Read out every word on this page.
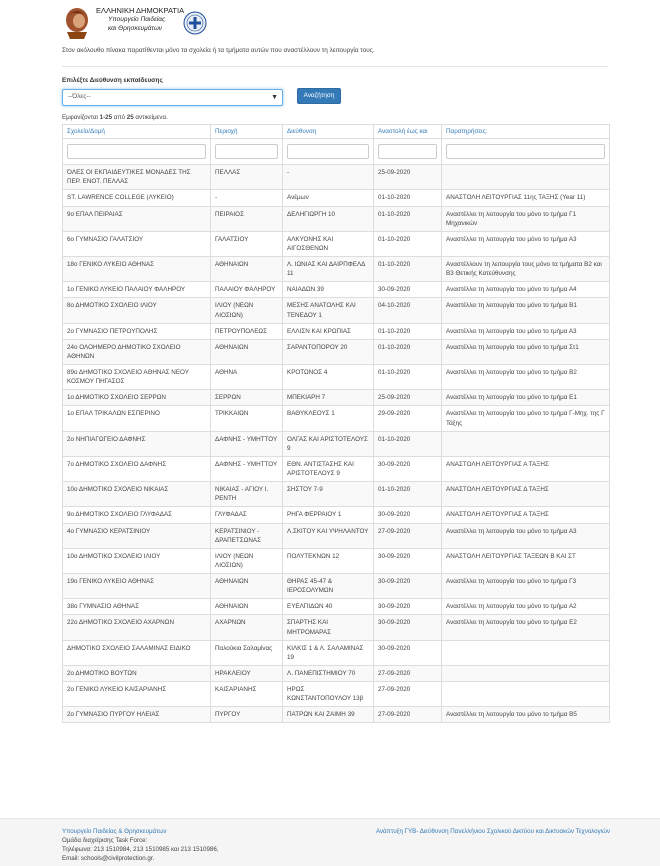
ΕΛΛΗΝΙΚΗ ΔΗΜΟΚΡΑΤΙΑ
Υπουργείο Παιδείας
και Θρησκευμάτων
Στον ακόλουθο πίνακα παρατίθενται μόνο τα σχολεία ή τα τμήματα αυτών που αναστέλλουν τη λειτουργία τους.
Επιλέξτε Διεύθυνση εκπαίδευσης
--Όλες--	▼	Αναζήτηση
Εμφανίζονται 1-25 από 25 αντικείμενα.
Σχολείο/Δομή	Περιοχή	Διεύθυνση	Αναστολή έως και	Παρατηρήσεις:

ΌΛΕΣ ΟΙ ΕΚΠΑΙΔΕΥΤΙΚΕΣ ΜΟΝΑΔΕΣ ΤΗΣ ΠΕΡ. ΕΝΟΤ. ΠΕΛΛΑΣ	ΠΕΛΛΑΣ	-	25-09-2020	
ST. LAWRENCE COLLEGE (ΛΥΚΕΙΟ)	-	Ανέμων	01-10-2020	ΑΝΑΣΤΟΛΗ ΛΕΙΤΟΥΡΓΙΑΣ 11ης ΤΑΞΗΣ (Year 11)
9ο ΕΠΑΛ ΠΕΙΡΑΙΑΣ	ΠΕΙΡΑΙΟΣ	ΔΕΛΗΓΙΩΡΓΗ 10	01-10-2020	Αναστέλλει τη λειτουργία του μόνο το τμήμα Γ1 Μηχανικών
6ο ΓΥΜΝΑΣΙΟ ΓΑΛΑΤΣΙΟΥ	ΓΑΛΑΤΣΙΟΥ	ΑΛΚΥΟΝΗΣ ΚΑΙ ΑΙΓΟΣΘΕΝΩΝ	01-10-2020	Αναστέλλει τη λειτουργία του μόνο το τμήμα Α3
18ο ΓΕΝΙΚΟ ΛΥΚΕΙΟ ΑΘΗΝΑΣ	ΑΘΗΝΑΙΩΝ	Λ. ΙΩΝΙΑΣ ΚΑΙ ΔΑΙΡΠΦΕΛΔ 11	01-10-2020	Αναστέλλουν τη λειτουργία τους μόνο τα τμήματα Β2 και Β3 Θετικής Κατεύθυνσης
1ο ΓΕΝΙΚΟ ΛΥΚΕΙΟ ΠΑΛΑΙΟΥ ΦΑΛΗΡΟΥ	ΠΑΛΑΙΟΥ ΦΑΛΗΡΟΥ	ΝΑΙΑΔΩΝ 39	30-09-2020	Αναστέλλει τη λειτουργία του μόνο το τμήμα Α4
8ο ΔΗΜΟΤΙΚΟ ΣΧΟΛΕΙΟ ΙΛΙΟΥ	ΙΛΙΟΥ (ΝΕΩΝ ΛΙΟΣΙΩΝ)	ΜΕΣΗΣ ΑΝΑΤΟΛΗΣ ΚΑΙ ΤΕΝΕΔΟΥ 1	04-10-2020	Αναστέλλει τη λειτουργία του μόνο το τμήμα Β1
2ο ΓΥΜΝΑΣΙΟ ΠΕΤΡΟΥΠΟΛΗΣ	ΠΕΤΡΟΥΠΟΛΕΩΣ	ΕΛΛΙΣΝ ΚΑΙ ΚΡΩΠΙΑΣ	01-10-2020	Αναστέλλει τη λειτουργία του μόνο το τμήμα Α3
24ο ΟΛΟΗΜΕΡΟ ΔΗΜΟΤΙΚΟ ΣΧΟΛΕΙΟ ΑΘΗΝΩΝ	ΑΘΗΝΑΙΩΝ	ΣΑΡΑΝΤΟΠΟΡΟΥ 20	01-10-2020	Αναστέλλει τη λειτουργία του μόνο το τμήμα Στ1
89ο ΔΗΜΟΤΙΚΟ ΣΧΟΛΕΙΟ ΑΘΗΝΑΣ ΝΕΟΥ ΚΟΣΜΟΥ ΠΗΓΑΣΟΣ	ΑΘΗΝΑ	ΚΡΟΤΩΝΟΣ 4	01-10-2020	Αναστέλλει τη λειτουργία του μόνο το τμήμα Β2
1ο ΔΗΜΟΤΙΚΟ ΣΧΟΛΕΙΟ ΣΕΡΡΩΝ	ΣΕΡΡΩΝ	ΜΠΕΚΙΑΡΗ 7	25-09-2020	Αναστέλλει τη λειτουργία του μόνο το τμήμα Ε1
1ο ΕΠΑΛ ΤΡΙΚΑΛΩΝ ΕΣΠΕΡΙΝΟ	ΤΡΙΚΚΑΙΩΝ	ΒΑΘΥΚΛΕΟΥΣ 1	29-09-2020	Αναστέλλει τη λειτουργία του μόνο το τμήμα Γ-Μηχ. της Γ Τάξης
2ο ΝΗΠΙΑΓΩΓΕΙΟ ΔΑΦΝΗΣ	ΔΑΦΝΗΣ - ΥΜΗΤΤΟΥ	ΟΛΓΑΣ ΚΑΙ ΑΡΙΣΤΟΤΕΛΟΥΣ 9	01-10-2020	
7ο ΔΗΜΟΤΙΚΟ ΣΧΟΛΕΙΟ ΔΑΦΝΗΣ	ΔΑΦΝΗΣ - ΥΜΗΤΤΟΥ	ΕΘΝ. ΑΝΤΙΣΤΑΣΗΣ ΚΑΙ ΑΡΙΣΤΟΤΕΛΟΥΣ 9	30-09-2020	ΑΝΑΣΤΟΛΗ ΛΕΙΤΟΥΡΓΙΑΣ Α ΤΑΞΗΣ
10ο ΔΗΜΟΤΙΚΟ ΣΧΟΛΕΙΟ ΝΙΚΑΙΑΣ	ΝΙΚΑΙΑΣ - ΑΓΙΟΥ Ι. ΡΕΝΤΗ	ΣΗΣΤΟΥ 7-9	01-10-2020	ΑΝΑΣΤΟΛΗ ΛΕΙΤΟΥΡΓΙΑΣ Δ ΤΑΞΗΣ
9ο ΔΗΜΟΤΙΚΟ ΣΧΟΛΕΙΟ ΓΛΥΦΑΔΑΣ	ΓΛΥΦΑΔΑΣ	ΡΗΓΑ ΦΕΡΡΑΙΟΥ 1	30-09-2020	ΑΝΑΣΤΟΛΗ ΛΕΙΤΟΥΡΓΙΑΣ Α ΤΑΞΗΣ
4ο ΓΥΜΝΑΣΙΟ ΚΕΡΑΤΣΙΝΙΟΥ	ΚΕΡΑΤΣΙΝΙΟΥ - ΔΡΑΠΕΤΣΩΝΑΣ	Λ.ΣΚΙΤΟΥ ΚΑΙ ΥΨΗΛΑΝΤΟΥ	27-09-2020	Αναστέλλει τη λειτουργία του μόνο το τμήμα Α3
10ο ΔΗΜΟΤΙΚΟ ΣΧΟΛΕΙΟ ΙΛΙΟΥ	ΙΛΙΟΥ (ΝΕΩΝ ΛΙΟΣΙΩΝ)	ΠΟΛΥΤΕΚΝΩΝ 12	30-09-2020	ΑΝΑΣΤΟΛΗ ΛΕΙΤΟΥΡΓΙΑΣ ΤΑΞΕΩΝ Β ΚΑΙ ΣΤ
19ο ΓΕΝΙΚΟ ΛΥΚΕΙΟ ΑΘΗΝΑΣ	ΑΘΗΝΑΙΩΝ	ΘΗΡΑΣ 45-47 & ΙΕΡΟΣΟΛΥΜΩΝ	30-09-2020	Αναστέλλει τη λειτουργία του μόνο το τμήμα Γ3
38ο ΓΥΜΝΑΣΙΟ ΑΘΗΝΑΣ	ΑΘΗΝΑΙΩΝ	ΕΥΕΛΠΙΔΩΝ 40	30-09-2020	Αναστέλλει τη λειτουργία του μόνο το τμήμα Α2
22ο ΔΗΜΟΤΙΚΟ ΣΧΟΛΕΙΟ ΑΧΑΡΝΩΝ	ΑΧΑΡΝΩΝ	ΣΠΑΡΤΗΣ ΚΑΙ ΜΗΤΡΟΜΑΡΑΣ	30-09-2020	Αναστέλλει τη λειτουργία του μόνο το τμήμα Ε2
ΔΗΜΟΤΙΚΟ ΣΧΟΛΕΙΟ ΣΑΛΑΜΙΝΑΣ ΕΙΔΙΚΟ	Παλούκια Σαλαμίνας	ΚΙΛΚΙΣ 1 & Λ. ΣΑΛΑΜΙΝΑΣ 19	30-09-2020	
2ο ΔΗΜΟΤΙΚΟ ΒΟΥΤΩΝ	ΗΡΑΚΛΕΙΟΥ	Λ. ΠΑΝΕΠΙΣΤΗΜΙΟΥ 70	27-09-2020	
2ο ΓΕΝΙΚΟ ΛΥΚΕΙΟ ΚΑΙΣΑΡΙΑΝΗΣ	ΚΑΙΣΑΡΙΑΝΗΣ	ΗΡΩΣ ΚΩΝΣΤΑΝΤΟΠΟΥΛΟΥ 13β	27-09-2020	
2ο ΓΥΜΝΑΣΙΟ ΠΥΡΓΟΥ ΗΛΕΙΑΣ	ΠΥΡΓΟΥ	ΠΑΤΡΩΝ ΚΑΙ ΖΑΙΜΗ 39	27-09-2020	Αναστέλλει τη λειτουργία του μόνο το τμήμα Β5
Υπουργείο Παιδείας & Θρησκευμάτων
Ομάδα διαχείρισης Task Force:
Τηλέφωνα: 213 1510984, 213 1510985 και 213 1510986,
Email: schools@civilprotection.gr.
Ανάπτυξη ΓΥΒ- Διεύθυνση Πανελλήνιου Σχολικού Δικτύου και Δικτυακών Τεχνολογιών
